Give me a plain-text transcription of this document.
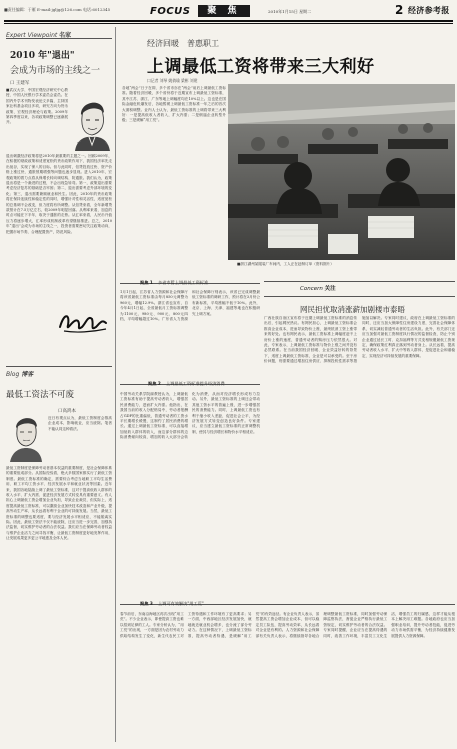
■责任编辑：于雁 E-mail:jgljg@126.com 电话:6012345	FOCUS	聚 焦	2010年1月15日 星期二	2 经济参考报
Expert Viewpoint 名家
2010 年"退出"
会成为市场的主线之一
口 王建军
■武汉大学、中国宏观经济研究中心教授、中国人民银行学术委员会委员。在国内外学术刊物发表论文多篇，主持国家社科基金项目多项，研究方向为货币政策、宏观经济理论与政策。2009年第四季度以来，各项政策调整已逐渐展开。
退出刺激经济政策将是2010年最重要的主题之一。回顾2009年，在积极的财政政策和适度宽松的货币政策作用下，我国经济率先走出低谷，实现了保八的目标。但与此同时，信贷投放过快、资产价格上涨过快、通胀预期增强等问题也逐步显现。进入2010年，宏观政策的着力点将从保增长转向调结构、防通胀。我们认为，政策退出将是一个渐进的过程，不会出现急转弯。第一，政策退出需要考虑经济复苏的基础是否牢固；第二，退出需要考虑外部环境的变化；第三，退出需要兼顾就业和民生。因此，2010年的货币政策将在保持连续性和稳定性的同时，增强针对性和灵活性，适度宽松的总基调不会改变，但力度将有所调整。从信贷来看，全年新增贷款预计在7.5万亿左右，较2009年明显回落。从利率来看，加息的时点可能在下半年，取决于通胀的走势。从汇率来看，人民币升值压力将逐步增大，汇率形成机制改革有望继续推进。总之，2010年“退出”会成为市场的主线之一，投资者需要密切关注政策动向，把握市场节奏，合理配置资产，防范风险。
Blog 博客
最低工资法不可废
口高鸿本
近日有观点认为，最低工资制度会推高企业成本，影响就业，应当废除。笔者不能认同这种看法。
最低工资制度是保障劳动者基本权益的重要制度，是社会保障体系的重要组成部分。从国际经验看，绝大多数国家都实行了最低工资制度。最低工资标准的确定，需要综合考虑当地职工平均生活费用、职工平均工资水平、经济发展水平和就业状况等因素。近年来，我国各地陆续上调了最低工资标准，这对于提高低收入群体的收入水平、扩大内需、促进经济发展方式转变具有重要意义。有人担心上调最低工资会增加企业负担，导致企业裁员，但实际上，适度提高最低工资标准，可以激励企业加快技术改造和产业升级，提高劳动生产率，从长远看有利于企业的可持续发展。当然，最低工资标准的调整也要适度，要与经济发展水平相适应，不能脱离实际。因此，最低工资法不仅不能废除，还应当进一步完善，加强执法监督，切实维护劳动者的合法权益。我们应当在保障劳动者权益与维护企业活力之间寻找平衡，让最低工资制度更好地发挥作用，让发展成果更多更公平地惠及全体人民。
经济回暖　普惠职工
上调最低工资将带来三大利好
口记者 刘琴 姚倩瑜 梁彬 刘建
各地“两会”日子在即，多个省市亦在“两会”前后上调最低工资标准。随着经济回暖，多个省份将于近期宣布上调最低工资标准，其中江苏、浙江、广东等地上调幅度均在10%以上。这也是在国际金融危机爆发后，各地暂缓上调最低工资标准一年之后的首次大面积调整。业内人士认为，最低工资标准的上调将带来三大利好：一是提高低收入者收入，扩大内需；二是倒逼企业转型升级；三是缓解“用工荒”。
■浙江湖州某服装厂车间内，工人正在赶制订单（资料图片）
聚焦 1 多省市暂上调最低工资标准
1月1日起，江苏省人力资源和社会保障厅将该省最低工资标准由每月850元调整为960元，增幅12.9%。浙江省也宣布，自今年4月1日起，全省最低月工资标准调整为1100元、980元、900元、800元四档，平均增幅超过10%。广东省人力资源和社会保障厅则表示，该省已完成调整最低工资标准的调研工作，预计将在3月份公布新标准，平均涨幅不低于10%。此外，北京、上海、天津、福建等地也在积极研究上调方案。
聚焦 2 上调最低工资标准提升经济消费
中国劳动关系学院副教授认为，上调最低工资标准有助于提高劳动者收入，增强居民消费能力，进而扩大内需。他指出，在我国当前的收入分配格局中，劳动者报酬占GDP的比重偏低，普通劳动者的工资水平长期增长缓慢，这制约了居民消费的增长。通过上调最低工资标准，可以直接增加低收入群体的收入，而这部分群体的边际消费倾向较高，增加的收入大部分会转化为消费，从而对经济增长形成有力拉动。另外，最低工资标准的上调还会带动其他工资水平的普遍上涨，进一步增强居民的消费能力。同时，上调最低工资也有利于缩小收入差距，促进社会公平，为经济发展方式转变创造良好条件。专家建议，应当建立最低工资标准的正常调整机制，使其与经济增长和物价水平相适应。
聚焦 3 上调可有效解决"用工荒"
春节前后，东南沿海地区再次出现“用工荒”。不少企业表示，即使提高工资也难以招到足够的工人。专家分析认为，“用工荒”的出现，一方面是因为农村劳动力供给结构发生了变化，新生代农民工对工资待遇和工作环境有了更高要求；另一方面，中西部地区经济发展加快，就地就近就业机会增多，也分流了部分劳动力。在这种情况下，上调最低工资标准，提高劳动者待遇，是缓解“用工荒”的有效途径。有企业负责人表示，虽然提高工资会增加企业成本，但可以稳定员工队伍，提高劳动效率，从长远看对企业是有利的。人力资源和社会保障部有关负责人表示，将继续指导各地合理调整最低工资标准，同时加强劳动保障监察执法，督促企业严格执行最低工资规定，切实维护劳动者的合法权益。专家同时提醒，企业应当在提高待遇的同时，改善工作环境，丰富员工文化生活，增强员工的归属感，这样才能从根本上解决用工难题。各地政府也应当加强职业培训，提升劳动者技能，促进劳动力市场供需平衡，为经济持续健康发展提供人力资源保障。
Concern 关注
网民担忧取消涨薪加剧楼市泰晤
广西壮族自治区宣布将于近期上调最低工资标准的消息传出后，引起网民热议。有网民担心，上调最低工资标准会推高企业成本，进而导致物价上涨，最终抵消工资上涨带来的好处。也有网民表示，最低工资标准上调幅度赶不上房价上涨的速度，普通劳动者的购房压力依然很大。对此，专家表示，上调最低工资标准与物价上涨之间并没有必然联系。在当前我国经济回暖、企业效益好转的背景下，适度上调最低工资标准，企业是可以承受的。至于房价问题，则需要通过增加住房供应、抑制投机性需求等措施加以解决。专家同时建议，政府在上调最低工资标准的同时，还应当加大保障性住房建设力度，完善社会保障体系，切实减轻普通劳动者的生活负担。此外，有关部门还应当加强对最低工资制度执行情况的监督检查，防止个别企业通过延长工时、克扣福利等方式变相规避最低工资规定，确保政策红利真正落到劳动者身上。从长远看，提高劳动者收入水平、扩大中等收入群体，是促进社会和谐稳定、实现经济可持续发展的重要保障。
